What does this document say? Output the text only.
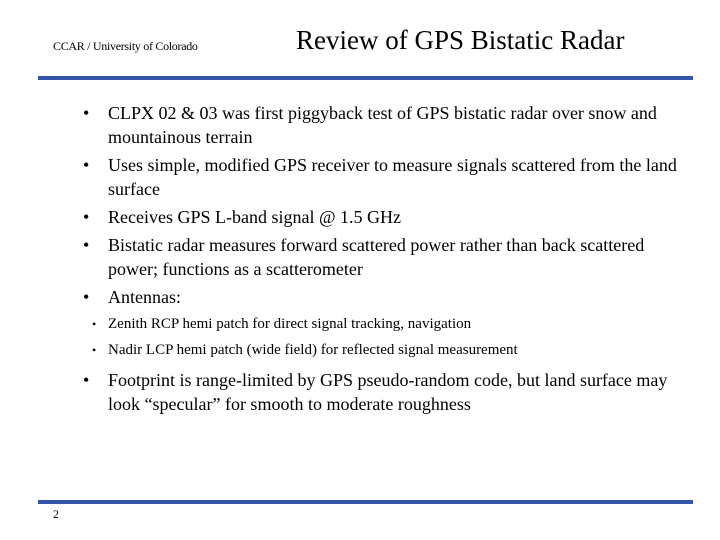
CCAR / University of Colorado	Review of GPS Bistatic Radar
• CLPX 02 & 03 was first piggyback test of GPS bistatic radar over snow and mountainous terrain
• Uses simple, modified GPS receiver to measure signals scattered from the land surface
• Receives GPS L-band signal @ 1.5 GHz
• Bistatic radar measures forward scattered power rather than back scattered power; functions as a scatterometer
• Antennas:
• Zenith RCP hemi patch for direct signal tracking, navigation
• Nadir LCP hemi patch (wide field) for reflected signal measurement
• Footprint is range-limited by GPS pseudo-random code, but land surface may look “specular” for smooth to moderate roughness
2
